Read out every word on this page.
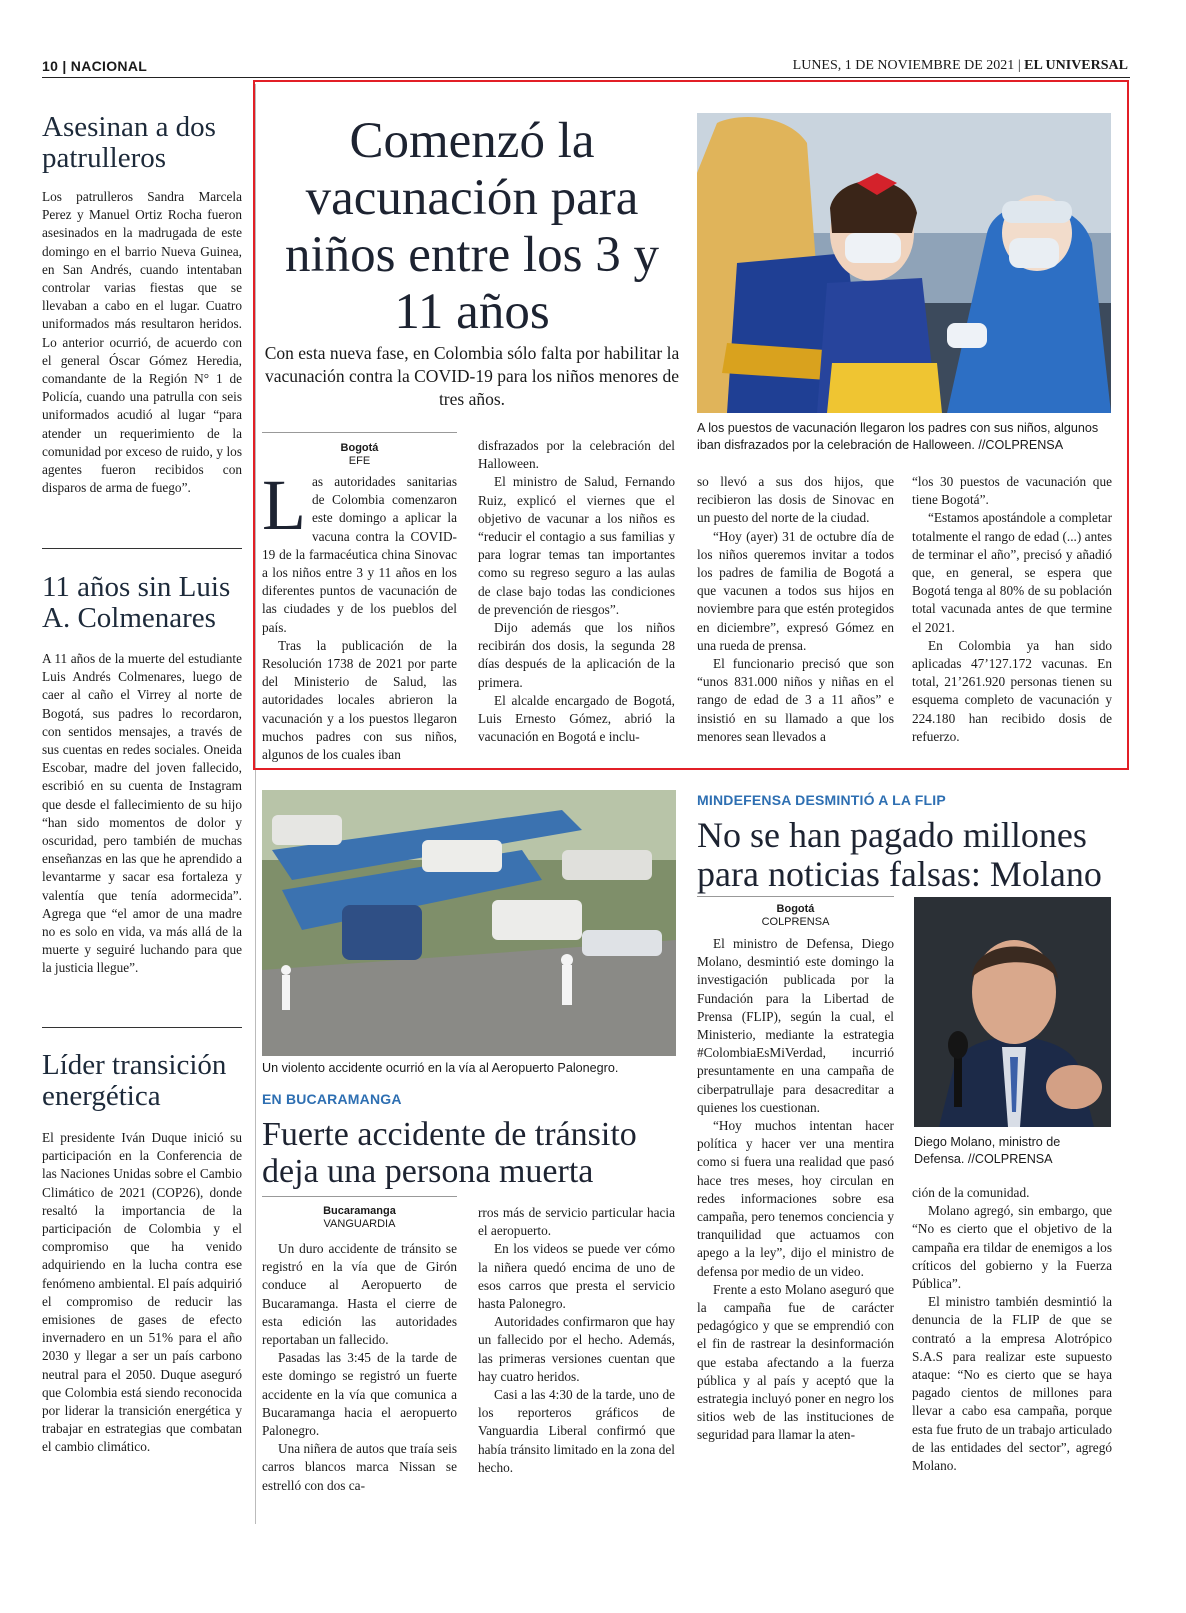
10 | NACIONAL	LUNES, 1 DE NOVIEMBRE DE 2021 | EL UNIVERSAL
Asesinan a dos patrulleros
Los patrulleros Sandra Marcela Perez y Manuel Ortiz Rocha fueron asesinados en la madrugada de este domingo en el barrio Nueva Guinea, en San Andrés, cuando intentaban controlar varias fiestas que se llevaban a cabo en el lugar. Cuatro uniformados más resultaron heridos. Lo anterior ocurrió, de acuerdo con el general Óscar Gómez Heredia, comandante de la Región N° 1 de Policía, cuando una patrulla con seis uniformados acudió al lugar “para atender un requerimiento de la comunidad por exceso de ruido, y los agentes fueron recibidos con disparos de arma de fuego”.
11 años sin Luis A. Colmenares
A 11 años de la muerte del estudiante Luis Andrés Colmenares, luego de caer al caño el Virrey al norte de Bogotá, sus padres lo recordaron, con sentidos mensajes, a través de sus cuentas en redes sociales. Oneida Escobar, madre del joven fallecido, escribió en su cuenta de Instagram que desde el fallecimiento de su hijo “han sido momentos de dolor y oscuridad, pero también de muchas enseñanzas en las que he aprendido a levantarme y sacar esa fortaleza y valentía que tenía adormecida”. Agrega que “el amor de una madre no es solo en vida, va más allá de la muerte y seguiré luchando para que la justicia llegue”.
Líder transición energética
El presidente Iván Duque inició su participación en la Conferencia de las Naciones Unidas sobre el Cambio Climático de 2021 (COP26), donde resaltó la importancia de la participación de Colombia y el compromiso que ha venido adquiriendo en la lucha contra ese fenómeno ambiental. El país adquirió el compromiso de reducir las emisiones de gases de efecto invernadero en un 51% para el año 2030 y llegar a ser un país carbono neutral para el 2050. Duque aseguró que Colombia está siendo reconocida por liderar la transición energética y trabajar en estrategias que combatan el cambio climático.
Comenzó la vacunación para niños entre los 3 y 11 años
Con esta nueva fase, en Colombia sólo falta por habilitar la vacunación contra la COVID-19 para los niños menores de tres años.
A los puestos de vacunación llegaron los padres con sus niños, algunos iban disfrazados por la celebración de Halloween. //COLPRENSA
Bogotá
EFE
Las autoridades sanitarias de Colombia comenzaron este domingo a aplicar la vacuna contra la COVID-19 de la farmacéutica china Sinovac a los niños entre 3 y 11 años en los diferentes puntos de vacunación de las ciudades y de los pueblos del país.
Tras la publicación de la Resolución 1738 de 2021 por parte del Ministerio de Salud, las autoridades locales abrieron la vacunación y a los puestos llegaron muchos padres con sus niños, algunos de los cuales iban
disfrazados por la celebración del Halloween.
El ministro de Salud, Fernando Ruiz, explicó el viernes que el objetivo de vacunar a los niños es “reducir el contagio a sus familias y para lograr temas tan importantes como su regreso seguro a las aulas de clase bajo todas las condiciones de prevención de riesgos”.
Dijo además que los niños recibirán dos dosis, la segunda 28 días después de la aplicación de la primera.
El alcalde encargado de Bogotá, Luis Ernesto Gómez, abrió la vacunación en Bogotá e inclu-
so llevó a sus dos hijos, que recibieron las dosis de Sinovac en un puesto del norte de la ciudad.
“Hoy (ayer) 31 de octubre día de los niños queremos invitar a todos los padres de familia de Bogotá a que vacunen a todos sus hijos en noviembre para que estén protegidos en diciembre”, expresó Gómez en una rueda de prensa.
El funcionario precisó que son “unos 831.000 niños y niñas en el rango de edad de 3 a 11 años” e insistió en su llamado a que los menores sean llevados a
“los 30 puestos de vacunación que tiene Bogotá”.
“Estamos apostándole a completar totalmente el rango de edad (...) antes de terminar el año”, precisó y añadió que, en general, se espera que Bogotá tenga al 80% de su población total vacunada antes de que termine el 2021.
En Colombia ya han sido aplicadas 47’127.172 vacunas. En total, 21’261.920 personas tienen su esquema completo de vacunación y 224.180 han recibido dosis de refuerzo.
Un violento accidente ocurrió en la vía al Aeropuerto Palonegro.
EN BUCARAMANGA
Fuerte accidente de tránsito deja una persona muerta
Bucaramanga
VANGUARDIA
Un duro accidente de tránsito se registró en la vía que de Girón conduce al Aeropuerto de Bucaramanga. Hasta el cierre de esta edición las autoridades reportaban un fallecido.
Pasadas las 3:45 de la tarde de este domingo se registró un fuerte accidente en la vía que comunica a Bucaramanga hacia el aeropuerto Palonegro.
Una niñera de autos que traía seis carros blancos marca Nissan se estrelló con dos ca-
rros más de servicio particular hacia el aeropuerto.
En los videos se puede ver cómo la niñera quedó encima de uno de esos carros que presta el servicio hasta Palonegro.
Autoridades confirmaron que hay un fallecido por el hecho. Además, las primeras versiones cuentan que hay cuatro heridos.
Casi a las 4:30 de la tarde, uno de los reporteros gráficos de Vanguardia Liberal confirmó que había tránsito limitado en la zona del hecho.
MINDEFENSA DESMINTIÓ A LA FLIP
No se han pagado millones para noticias falsas: Molano
Bogotá
COLPRENSA
Diego Molano, ministro de Defensa. //COLPRENSA
El ministro de Defensa, Diego Molano, desmintió este domingo la investigación publicada por la Fundación para la Libertad de Prensa (FLIP), según la cual, el Ministerio, mediante la estrategia #ColombiaEsMiVerdad, incurrió presuntamente en una campaña de ciberpatrullaje para desacreditar a quienes los cuestionan.
“Hoy muchos intentan hacer política y hacer ver una mentira como si fuera una realidad que pasó hace tres meses, hoy circulan en redes informaciones sobre esa campaña, pero tenemos conciencia y tranquilidad que actuamos con apego a la ley”, dijo el ministro de defensa por medio de un video.
Frente a esto Molano aseguró que la campaña fue de carácter pedagógico y que se emprendió con el fin de rastrear la desinformación que estaba afectando a la fuerza pública y al país y aceptó que la estrategia incluyó poner en negro los sitios web de las instituciones de seguridad para llamar la aten-
ción de la comunidad.
Molano agregó, sin embargo, que “No es cierto que el objetivo de la campaña era tildar de enemigos a los críticos del gobierno y la Fuerza Pública”.
El ministro también desmintió la denuncia de la FLIP de que se contrató a la empresa Alotrópico S.A.S para realizar este supuesto ataque: “No es cierto que se haya pagado cientos de millones para llevar a cabo esa campaña, porque esta fue fruto de un trabajo articulado de las entidades del sector”, agregó Molano.
